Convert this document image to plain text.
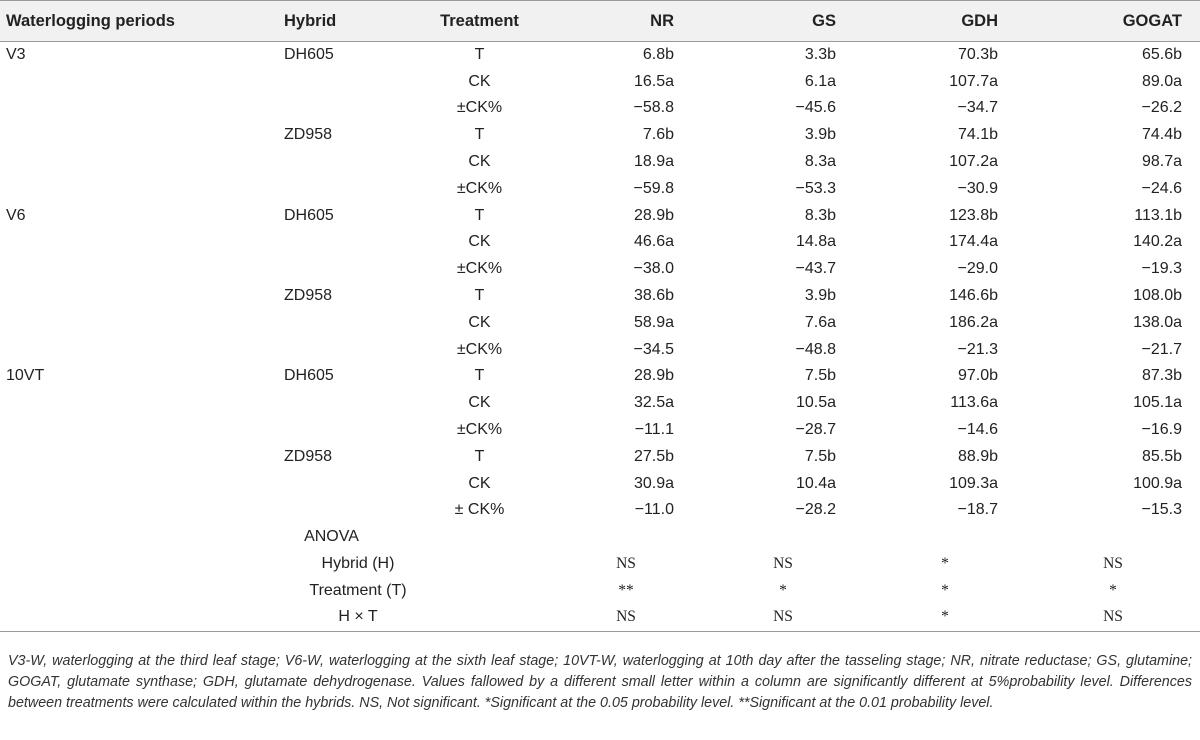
Waterlogging periods	Hybrid	Treatment	NR	GS	GDH	GOGAT
V3	DH605	T	6.8b	3.3b	70.3b	65.6b
		CK	16.5a	6.1a	107.7a	89.0a
		±CK%	−58.8	−45.6	−34.7	−26.2
	ZD958	T	7.6b	3.9b	74.1b	74.4b
		CK	18.9a	8.3a	107.2a	98.7a
		±CK%	−59.8	−53.3	−30.9	−24.6
V6	DH605	T	28.9b	8.3b	123.8b	113.1b
		CK	46.6a	14.8a	174.4a	140.2a
		±CK%	−38.0	−43.7	−29.0	−19.3
	ZD958	T	38.6b	3.9b	146.6b	108.0b
		CK	58.9a	7.6a	186.2a	138.0a
		±CK%	−34.5	−48.8	−21.3	−21.7
10VT	DH605	T	28.9b	7.5b	97.0b	87.3b
		CK	32.5a	10.5a	113.6a	105.1a
		±CK%	−11.1	−28.7	−14.6	−16.9
	ZD958	T	27.5b	7.5b	88.9b	85.5b
		CK	30.9a	10.4a	109.3a	100.9a
		± CK%	−11.0	−28.2	−18.7	−15.3
	ANOVA					
	Hybrid (H)		NS	NS	*	NS
	Treatment (T)		**	*	*	*
	H × T		NS	NS	*	NS

V3-W, waterlogging at the third leaf stage; V6-W, waterlogging at the sixth leaf stage; 10VT-W, waterlogging at 10th day after the tasseling stage; NR, nitrate reductase; GS, glutamine; GOGAT, glutamate synthase; GDH, glutamate dehydrogenase. Values fallowed by a different small letter within a column are significantly different at 5%probability level. Differences between treatments were calculated within the hybrids. NS, Not significant. *Significant at the 0.05 probability level. **Significant at the 0.01 probability level.
